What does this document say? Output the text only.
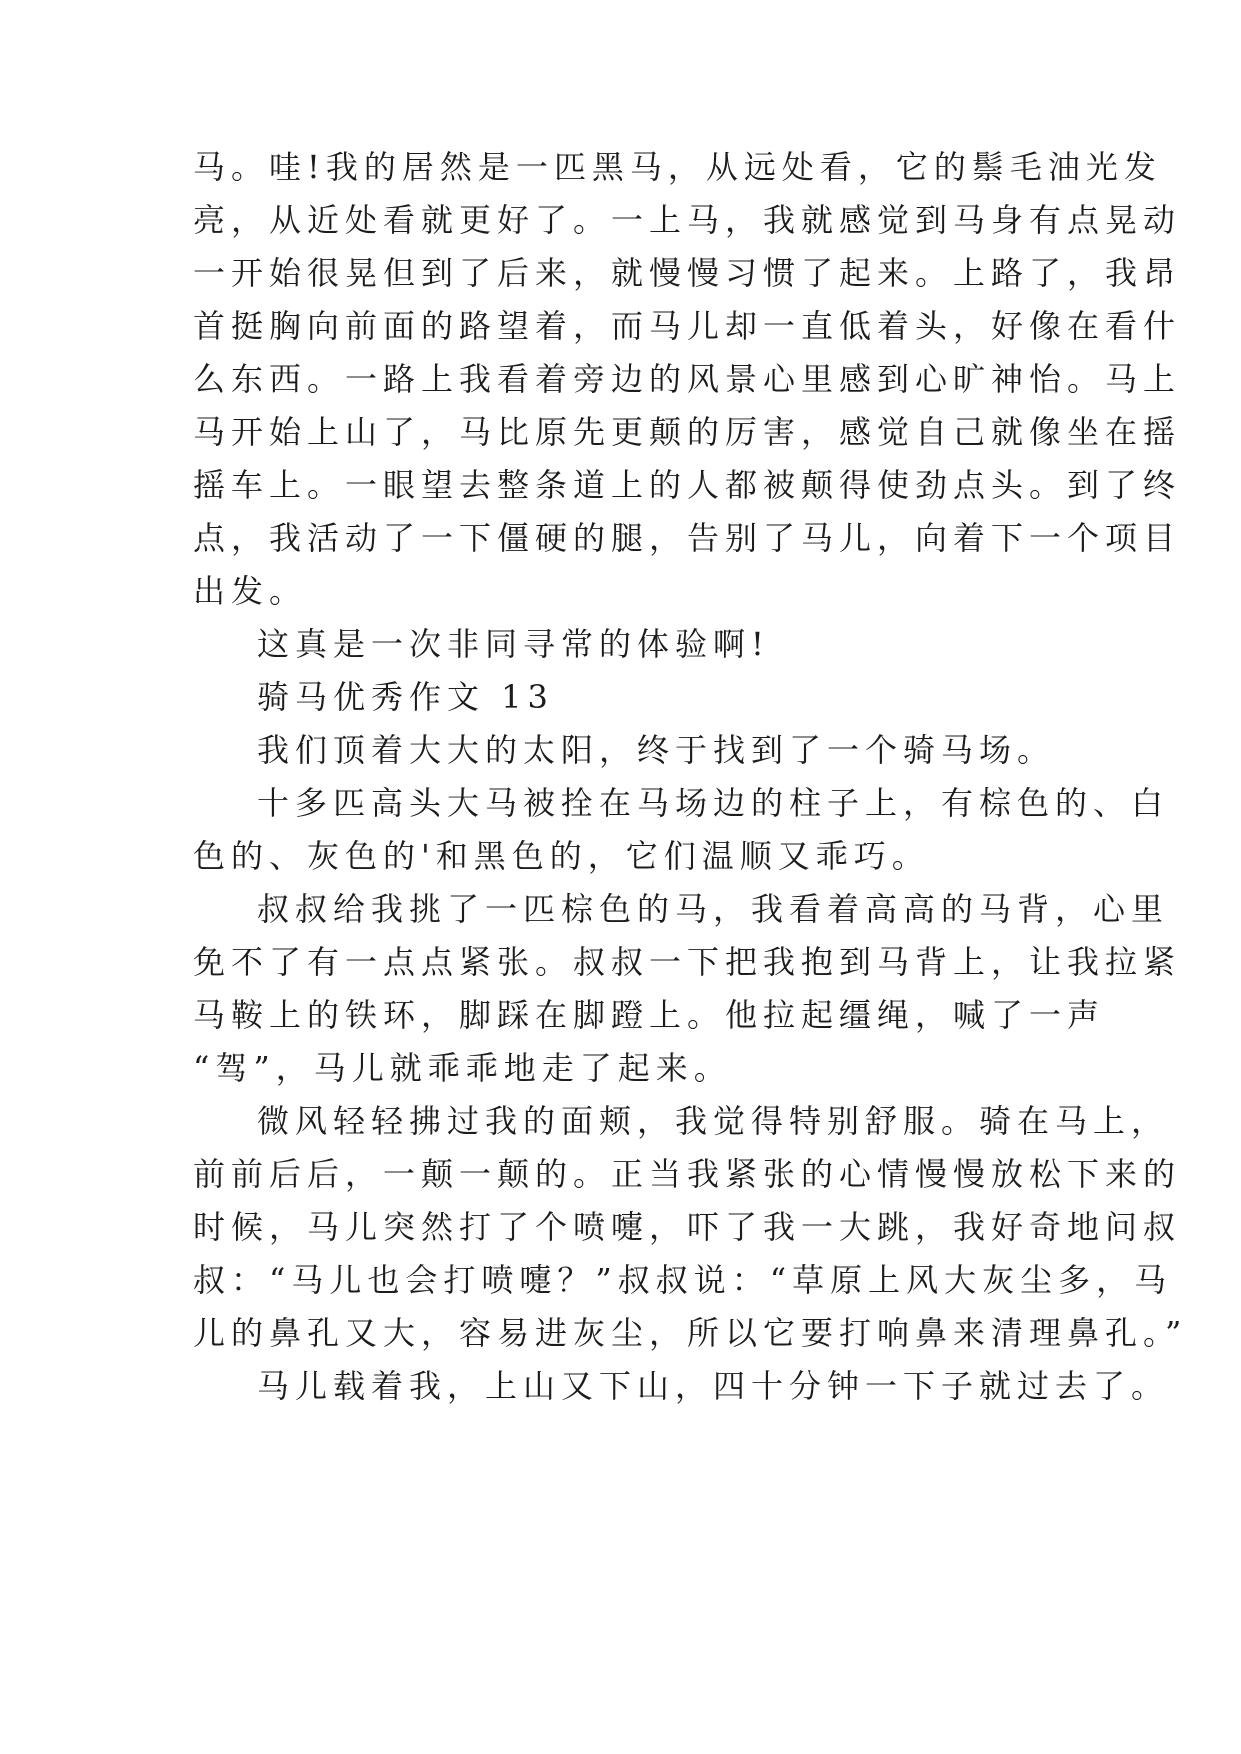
马。哇!我的居然是一匹黑马，从远处看，它的鬃毛油光发
亮，从近处看就更好了。一上马，我就感觉到马身有点晃动
一开始很晃但到了后来，就慢慢习惯了起来。上路了，我昂
首挺胸向前面的路望着，而马儿却一直低着头，好像在看什
么东西。一路上我看着旁边的风景心里感到心旷神怡。马上
马开始上山了，马比原先更颠的厉害，感觉自己就像坐在摇
摇车上。一眼望去整条道上的人都被颠得使劲点头。到了终
点，我活动了一下僵硬的腿，告别了马儿，向着下一个项目
出发。
这真是一次非同寻常的体验啊!
骑马优秀作文 13
我们顶着大大的太阳，终于找到了一个骑马场。
十多匹高头大马被拴在马场边的柱子上，有棕色的、白
色的、灰色的'和黑色的，它们温顺又乖巧。
叔叔给我挑了一匹棕色的马，我看着高高的马背，心里
免不了有一点点紧张。叔叔一下把我抱到马背上，让我拉紧
马鞍上的铁环，脚踩在脚蹬上。他拉起缰绳，喊了一声
“驾”，马儿就乖乖地走了起来。
微风轻轻拂过我的面颊，我觉得特别舒服。骑在马上，
前前后后，一颠一颠的。正当我紧张的心情慢慢放松下来的
时候，马儿突然打了个喷嚏，吓了我一大跳，我好奇地问叔
叔：“马儿也会打喷嚏？”叔叔说：“草原上风大灰尘多，马
儿的鼻孔又大，容易进灰尘，所以它要打响鼻来清理鼻孔。”
马儿载着我，上山又下山，四十分钟一下子就过去了。
